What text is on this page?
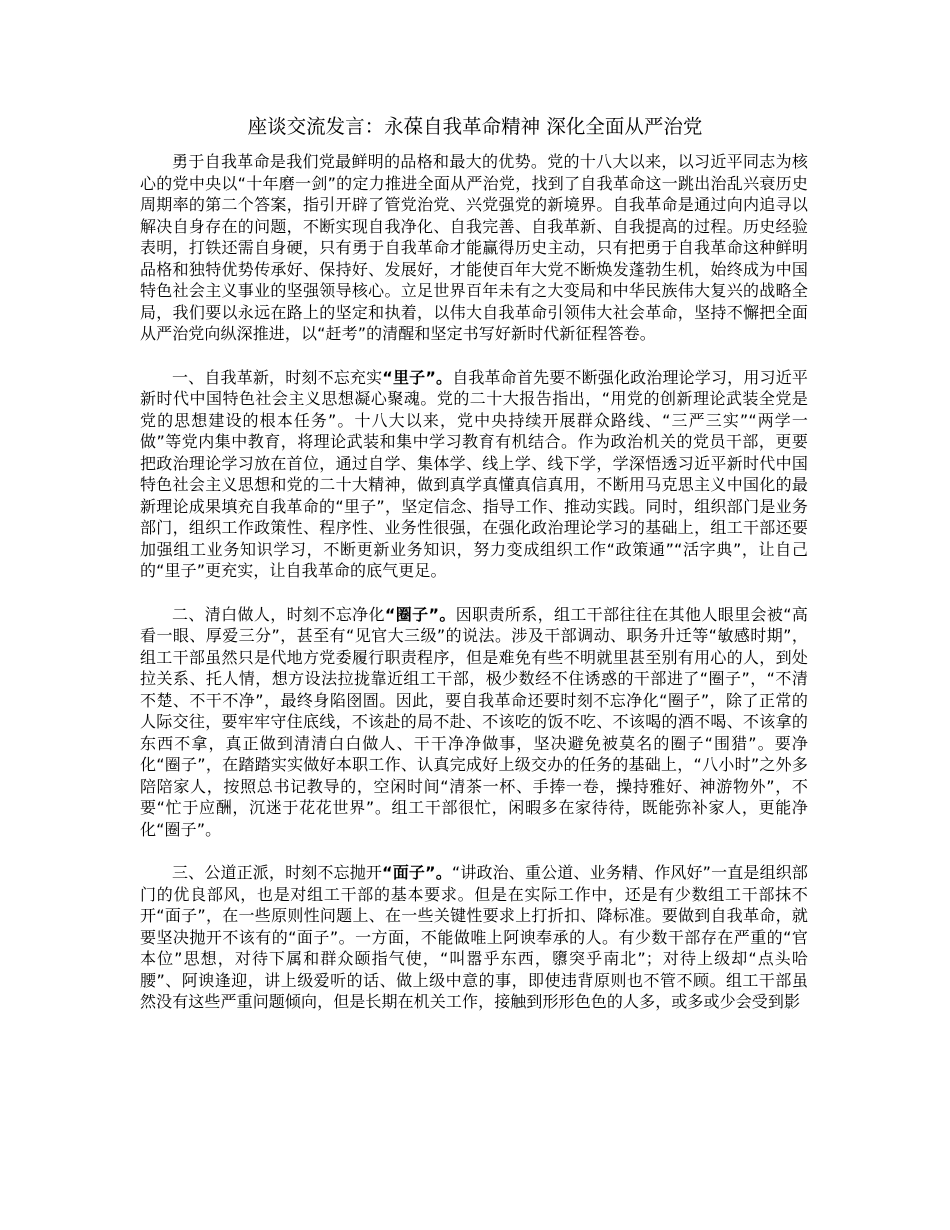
座谈交流发言：永葆自我革命精神 深化全面从严治党

勇于自我革命是我们党最鲜明的品格和最大的优势。党的十八大以来，以习近平同志为核心的党中央以“十年磨一剑”的定力推进全面从严治党，找到了自我革命这一跳出治乱兴衰历史周期率的第二个答案，指引开辟了管党治党、兴党强党的新境界。自我革命是通过向内追寻以解决自身存在的问题，不断实现自我净化、自我完善、自我革新、自我提高的过程。历史经验表明，打铁还需自身硬，只有勇于自我革命才能赢得历史主动，只有把勇于自我革命这种鲜明品格和独特优势传承好、保持好、发展好，才能使百年大党不断焕发蓬勃生机，始终成为中国特色社会主义事业的坚强领导核心。立足世界百年未有之大变局和中华民族伟大复兴的战略全局，我们要以永远在路上的坚定和执着，以伟大自我革命引领伟大社会革命，坚持不懈把全面从严治党向纵深推进，以“赶考”的清醒和坚定书写好新时代新征程答卷。

一、自我革新，时刻不忘充实“里子”。自我革命首先要不断强化政治理论学习，用习近平新时代中国特色社会主义思想凝心聚魂。党的二十大报告指出，“用党的创新理论武装全党是党的思想建设的根本任务”。十八大以来，党中央持续开展群众路线、“三严三实”“两学一做”等党内集中教育，将理论武装和集中学习教育有机结合。作为政治机关的党员干部，更要把政治理论学习放在首位，通过自学、集体学、线上学、线下学，学深悟透习近平新时代中国特色社会主义思想和党的二十大精神，做到真学真懂真信真用，不断用马克思主义中国化的最新理论成果填充自我革命的“里子”，坚定信念、指导工作、推动实践。同时，组织部门是业务部门，组织工作政策性、程序性、业务性很强，在强化政治理论学习的基础上，组工干部还要加强组工业务知识学习，不断更新业务知识，努力变成组织工作“政策通”“活字典”，让自己的“里子”更充实，让自我革命的底气更足。

二、清白做人，时刻不忘净化“圈子”。因职责所系，组工干部往往在其他人眼里会被“高看一眼、厚爱三分”，甚至有“见官大三级”的说法。涉及干部调动、职务升迁等“敏感时期”，组工干部虽然只是代地方党委履行职责程序，但是难免有些不明就里甚至别有用心的人，到处拉关系、托人情，想方设法拉拢靠近组工干部，极少数经不住诱惑的干部进了“圈子”，“不清不楚、不干不净”，最终身陷囹圄。因此，要自我革命还要时刻不忘净化“圈子”，除了正常的人际交往，要牢牢守住底线，不该赴的局不赴、不该吃的饭不吃、不该喝的酒不喝、不该拿的东西不拿，真正做到清清白白做人、干干净净做事，坚决避免被莫名的圈子“围猎”。要净化“圈子”，在踏踏实实做好本职工作、认真完成好上级交办的任务的基础上，“八小时”之外多陪陪家人，按照总书记教导的，空闲时间“清茶一杯、手捧一卷，操持雅好、神游物外”，不要“忙于应酬，沉迷于花花世界”。组工干部很忙，闲暇多在家待待，既能弥补家人，更能净化“圈子”。

三、公道正派，时刻不忘抛开“面子”。“讲政治、重公道、业务精、作风好”一直是组织部门的优良部风，也是对组工干部的基本要求。但是在实际工作中，还是有少数组工干部抹不开“面子”，在一些原则性问题上、在一些关键性要求上打折扣、降标准。要做到自我革命，就要坚决抛开不该有的“面子”。一方面，不能做唯上阿谀奉承的人。有少数干部存在严重的“官本位”思想，对待下属和群众颐指气使，“叫嚣乎东西，隳突乎南北”；对待上级却“点头哈腰”、阿谀逢迎，讲上级爱听的话、做上级中意的事，即使违背原则也不管不顾。组工干部虽然没有这些严重问题倾向，但是长期在机关工作，接触到形形色色的人多，或多或少会受到影
